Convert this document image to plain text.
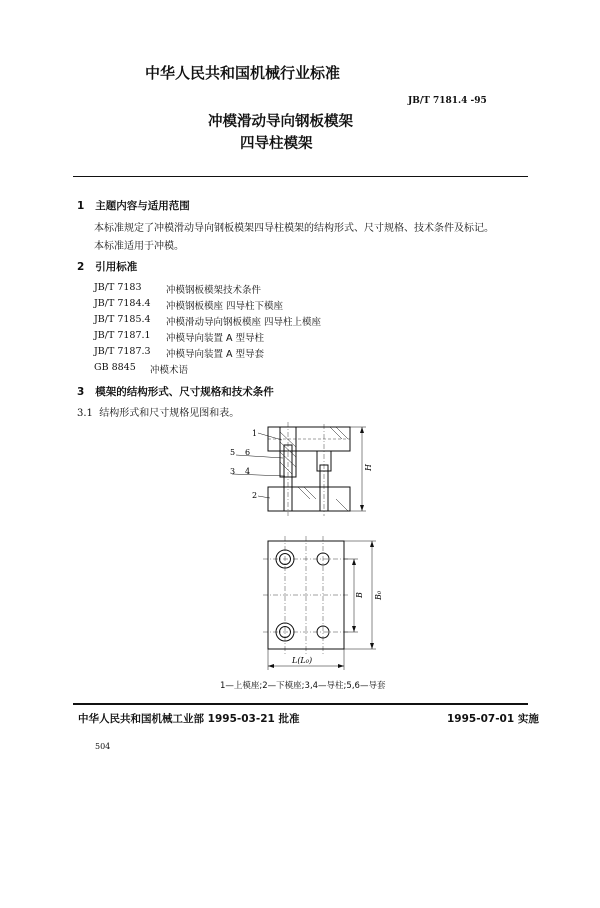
中华人民共和国机械行业标准
JB/T 7181.4 -95
冲模滑动导向钢板模架
四导柱模架
1 主题内容与适用范围
本标准规定了冲模滑动导向钢板模架四导柱模架的结构形式、尺寸规格、技术条件及标记。
本标准适用于冲模。
2 引用标准
JB/T 7183	冲模钢板模架技术条件
JB/T 7184.4 冲模钢板模座 四导柱下模座
JB/T 7185.4 冲模滑动导向钢板模座 四导柱上模座
JB/T 7187.1 冲模导向装置 A 型导柱
JB/T 7187.3 冲模导向装置 A 型导套
GB 8845 冲模术语
3 模架的结构形式、尺寸规格和技术条件
3.1 结构形式和尺寸规格见图和表。
1
5 6
3 4
2
H
B B₀
L(L₀)
1—上模座;2—下模座;3,4—导柱;5,6—导套
中华人民共和国机械工业部 1995-03-21 批准	1995-07-01 实施
504
